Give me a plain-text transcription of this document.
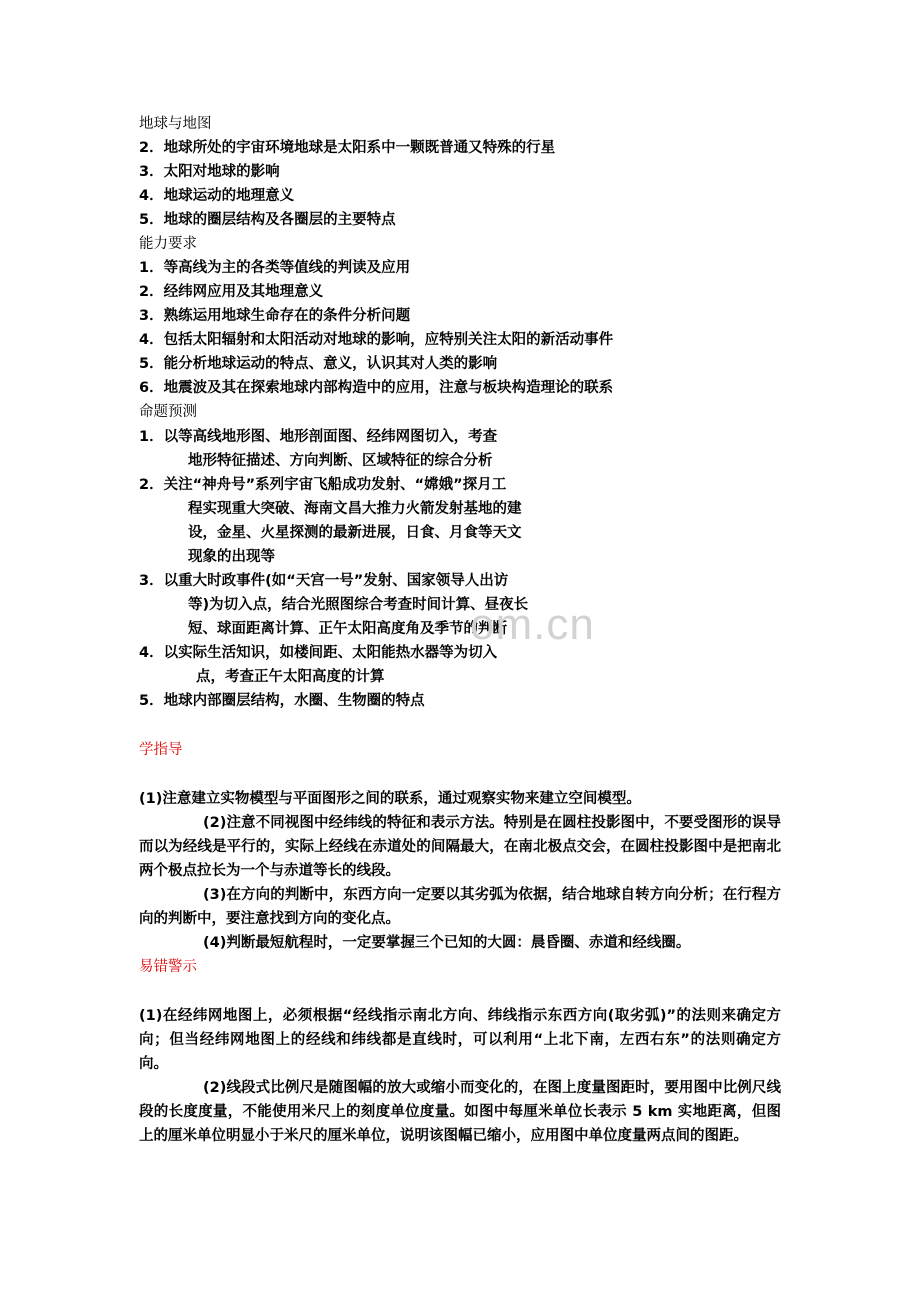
地球与地图
2．地球所处的宇宙环境地球是太阳系中一颗既普通又特殊的行星
3．太阳对地球的影响
4．地球运动的地理意义
5．地球的圈层结构及各圈层的主要特点
能力要求
1．等高线为主的各类等值线的判读及应用
2．经纬网应用及其地理意义
3．熟练运用地球生命存在的条件分析问题
4．包括太阳辐射和太阳活动对地球的影响，应特别关注太阳的新活动事件
5．能分析地球运动的特点、意义，认识其对人类的影响
6．地震波及其在探索地球内部构造中的应用，注意与板块构造理论的联系
命题预测
1．以等高线地形图、地形剖面图、经纬网图切入，考查
地形特征描述、方向判断、区域特征的综合分析
2．关注“神舟号”系列宇宙飞船成功发射、“嫦娥”探月工
程实现重大突破、海南文昌大推力火箭发射基地的建
设，金星、火星探测的最新进展，日食、月食等天文
现象的出现等
3．以重大时政事件(如“天宫一号”发射、国家领导人出访
等)为切入点，结合光照图综合考查时间计算、昼夜长
短、球面距离计算、正午太阳高度角及季节的判断
4．以实际生活知识，如楼间距、太阳能热水器等为切入
点，考查正午太阳高度的计算
5．地球内部圈层结构，水圈、生物圈的特点
学指导
(1)注意建立实物模型与平面图形之间的联系，通过观察实物来建立空间模型。
(2)注意不同视图中经纬线的特征和表示方法。特别是在圆柱投影图中，不要受图形的误导而以为经线是平行的，实际上经线在赤道处的间隔最大，在南北极点交会，在圆柱投影图中是把南北两个极点拉长为一个与赤道等长的线段。
(3)在方向的判断中，东西方向一定要以其劣弧为依据，结合地球自转方向分析；在行程方向的判断中，要注意找到方向的变化点。
(4)判断最短航程时，一定要掌握三个已知的大圆：晨昏圈、赤道和经线圈。
易错警示
(1)在经纬网地图上，必须根据“经线指示南北方向、纬线指示东西方向(取劣弧)”的法则来确定方向；但当经纬网地图上的经线和纬线都是直线时，可以利用“上北下南，左西右东”的法则确定方向。
(2)线段式比例尺是随图幅的放大或缩小而变化的，在图上度量图距时，要用图中比例尺线段的长度度量，不能使用米尺上的刻度单位度量。如图中每厘米单位长表示 5 km 实地距离，但图上的厘米单位明显小于米尺的厘米单位，说明该图幅已缩小，应用图中单位度量两点间的图距。
om.cn
